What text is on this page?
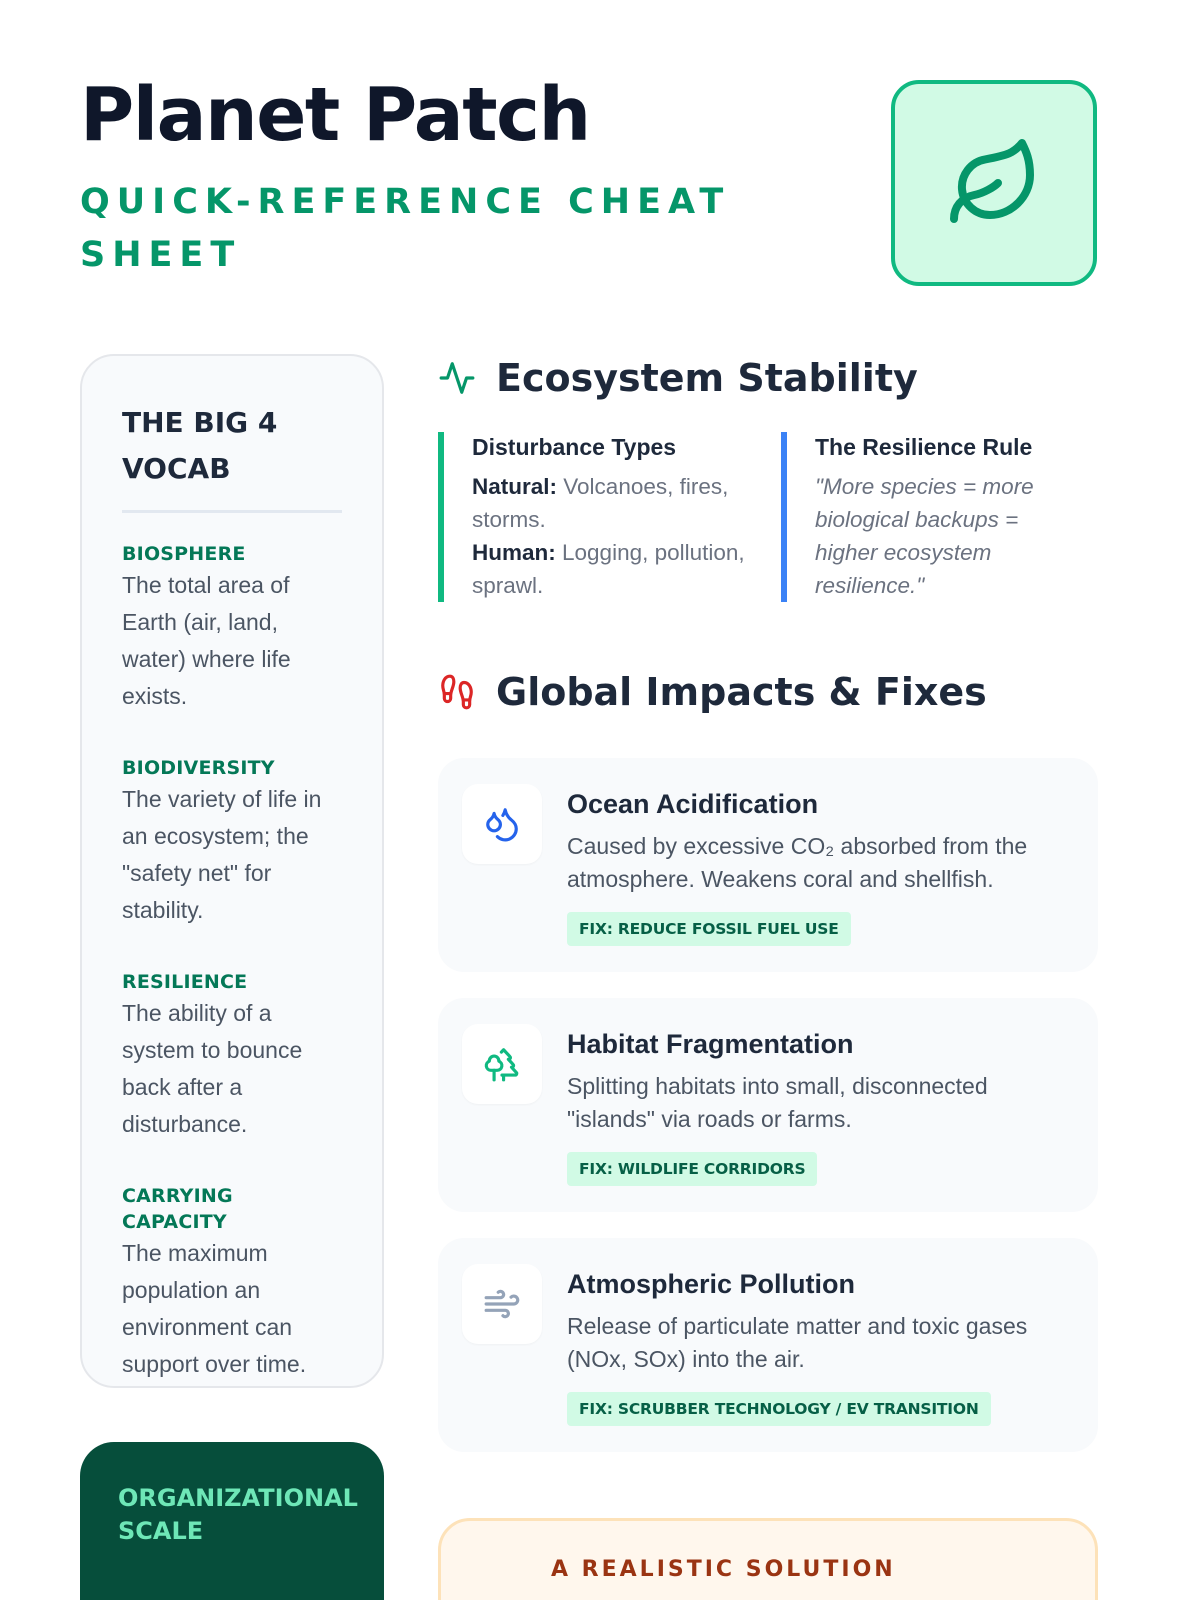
Planet Patch
QUICK-REFERENCE CHEAT SHEET
THE BIG 4 VOCAB
BIOSPHERE
The total area of Earth (air, land, water) where life exists.
BIODIVERSITY
The variety of life in an ecosystem; the "safety net" for stability.
RESILIENCE
The ability of a system to bounce back after a disturbance.
CARRYING CAPACITY
The maximum population an environment can support over time.
ORGANIZATIONAL SCALE
Ecosystem Stability
Disturbance Types
Natural: Volcanoes, fires, storms.
Human: Logging, pollution, sprawl.
The Resilience Rule
"More species = more biological backups = higher ecosystem resilience."
Global Impacts & Fixes
Ocean Acidification
Caused by excessive CO₂ absorbed from the atmosphere. Weakens coral and shellfish.
FIX: REDUCE FOSSIL FUEL USE
Habitat Fragmentation
Splitting habitats into small, disconnected "islands" via roads or farms.
FIX: WILDLIFE CORRIDORS
Atmospheric Pollution
Release of particulate matter and toxic gases (NOx, SOx) into the air.
FIX: SCRUBBER TECHNOLOGY / EV TRANSITION
A REALISTIC SOLUTION
